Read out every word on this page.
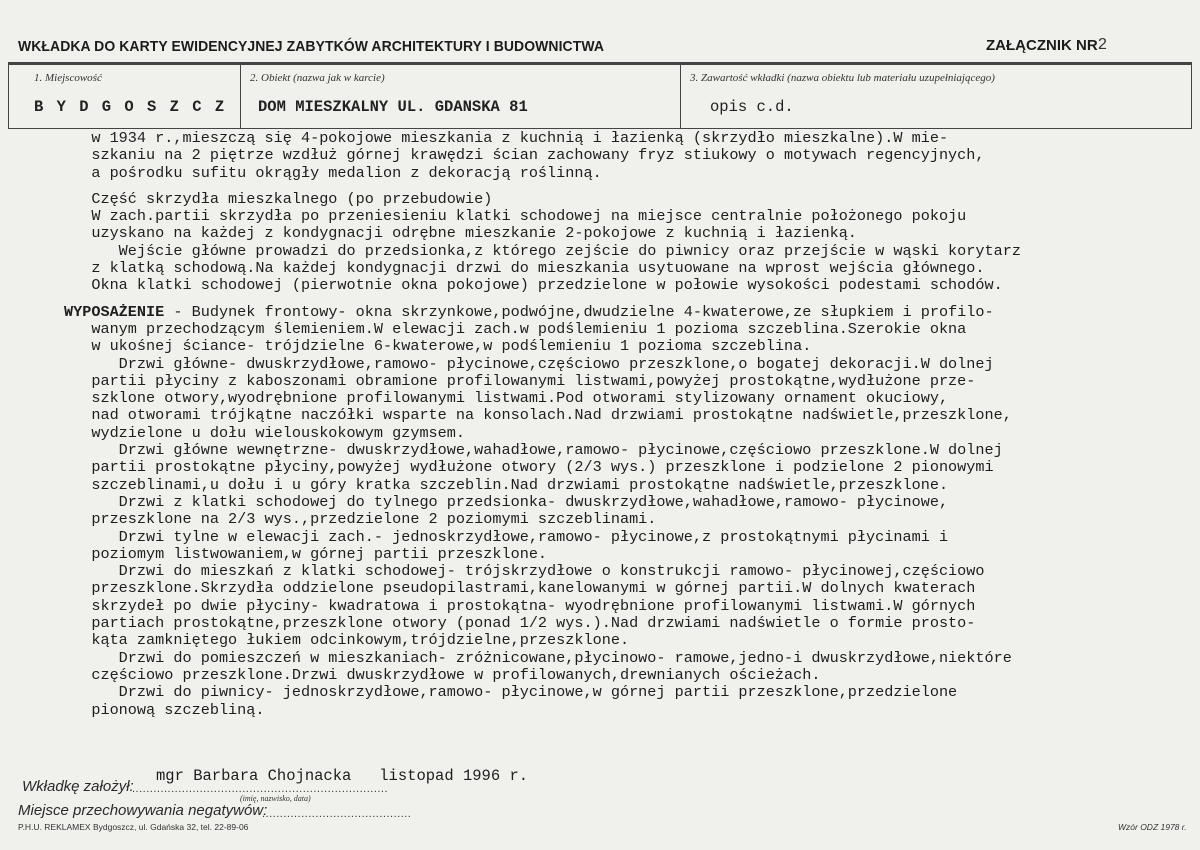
WKŁADKA DO KARTY EWIDENCYJNEJ ZABYTKÓW ARCHITEKTURY I BUDOWNICTWA	ZAŁĄCZNIK NR 2
1. Miejscowość
B Y D G O S Z C Z
2. Obiekt (nazwa jak w karcie)
DOM MIESZKALNY UL. GDANSKA 81
3. Zawartość wkładki (nazwa obiektu lub materiału uzupełniającego)
opis c.d.
w 1934 r.,mieszczą się 4-pokojowe mieszkania z kuchnią i łazienką (skrzydło mieszkalne).W mie-
szkaniu na 2 piętrze wzdłuż górnej krawędzi ścian zachowany fryz stiukowy o motywach regencyjnych,
a pośrodku sufitu okrągły medalion z dekoracją roślinną.
Część skrzydła mieszkalnego (po przebudowie)
W zach.partii skrzydła po przeniesieniu klatki schodowej na miejsce centralnie położonego pokoju
uzyskano na każdej z kondygnacji odrębne mieszkanie 2-pokojowe z kuchnią i łazienką.
Wejście główne prowadzi do przedsionka,z którego zejście do piwnicy oraz przejście w wąski korytarz
z klatką schodową.Na każdej kondygnacji drzwi do mieszkania usytuowane na wprost wejścia głównego.
Okna klatki schodowej (pierwotnie okna pokojowe) przedzielone w połowie wysokości podestami schodów.
WYPOSAŻENIE - Budynek frontowy- okna skrzynkowe,podwójne,dwudzielne 4-kwaterowe,ze słupkiem i profilo-
wanym przechodzącym ślemieniem.W elewacji zach.w podślemieniu 1 pozioma szczeblina.Szerokie okna
w ukośnej ściance- trójdzielne 6-kwaterowe,w podślemieniu 1 pozioma szczeblina.
Drzwi główne- dwuskrzydłowe,ramowo- płycinowe,częściowo przeszklone,o bogatej dekoracji.W dolnej
partii płyciny z kaboszonami obramione profilowanymi listwami,powyżej prostokątne,wydłużone prze-
szklone otwory,wyodrębnione profilowanymi listwami.Pod otworami stylizowany ornament okuciowy,
nad otworami trójkątne naczółki wsparte na konsolach.Nad drzwiami prostokątne nadświetle,przeszklone,
wydzielone u dołu wielouskokowym gzymsem.
Drzwi główne wewnętrzne- dwuskrzydłowe,wahadłowe,ramowo- płycinowe,częściowo przeszklone.W dolnej
partii prostokątne płyciny,powyżej wydłużone otwory (2/3 wys.) przeszklone i podzielone 2 pionowymi
szczeblinami,u dołu i u góry kratka szczeblin.Nad drzwiami prostokątne nadświetle,przeszklone.
Drzwi z klatki schodowej do tylnego przedsionka- dwuskrzydłowe,wahadłowe,ramowo- płycinowe,
przeszklone na 2/3 wys.,przedzielone 2 poziomymi szczeblinami.
Drzwi tylne w elewacji zach.- jednoskrzydłowe,ramowo- płycinowe,z prostokątnymi płycinami i
poziomym listwowaniem,w górnej partii przeszklone.
Drzwi do mieszkań z klatki schodowej- trójskrzydłowe o konstrukcji ramowo- płycinowej,częściowo
przeszklone.Skrzydła oddzielone pseudopilastrami,kanelowanymi w górnej partii.W dolnych kwaterach
skrzydeł po dwie płyciny- kwadratowa i prostokątna- wyodrębnione profilowanymi listwami.W górnych
partiach prostokątne,przeszklone otwory (ponad 1/2 wys.).Nad drzwiami nadświetle o formie prosto-
kąta zamkniętego łukiem odcinkowym,trójdzielne,przeszklone.
Drzwi do pomieszczeń w mieszkaniach- zróżnicowane,płycinowo- ramowe,jedno-i dwuskrzydłowe,niektóre
częściowo przeszklone.Drzwi dwuskrzydłowe w profilowanych,drewnianych ościeżach.
Drzwi do piwnicy- jednoskrzydłowe,ramowo- płycinowe,w górnej partii przeszklone,przedzielone
pionową szczebliną.
Wkładkę założył:
........................................................................
(imię, nazwisko, data)
mgr Barbara Chojnacka   listopad 1996 r.
Miejsce przechowywania negatywów:
..........................................
P.H.U. REKLAMEX Bydgoszcz, ul. Gdańska 32, tel. 22-89-06	Wzór ODZ 1978 r.
